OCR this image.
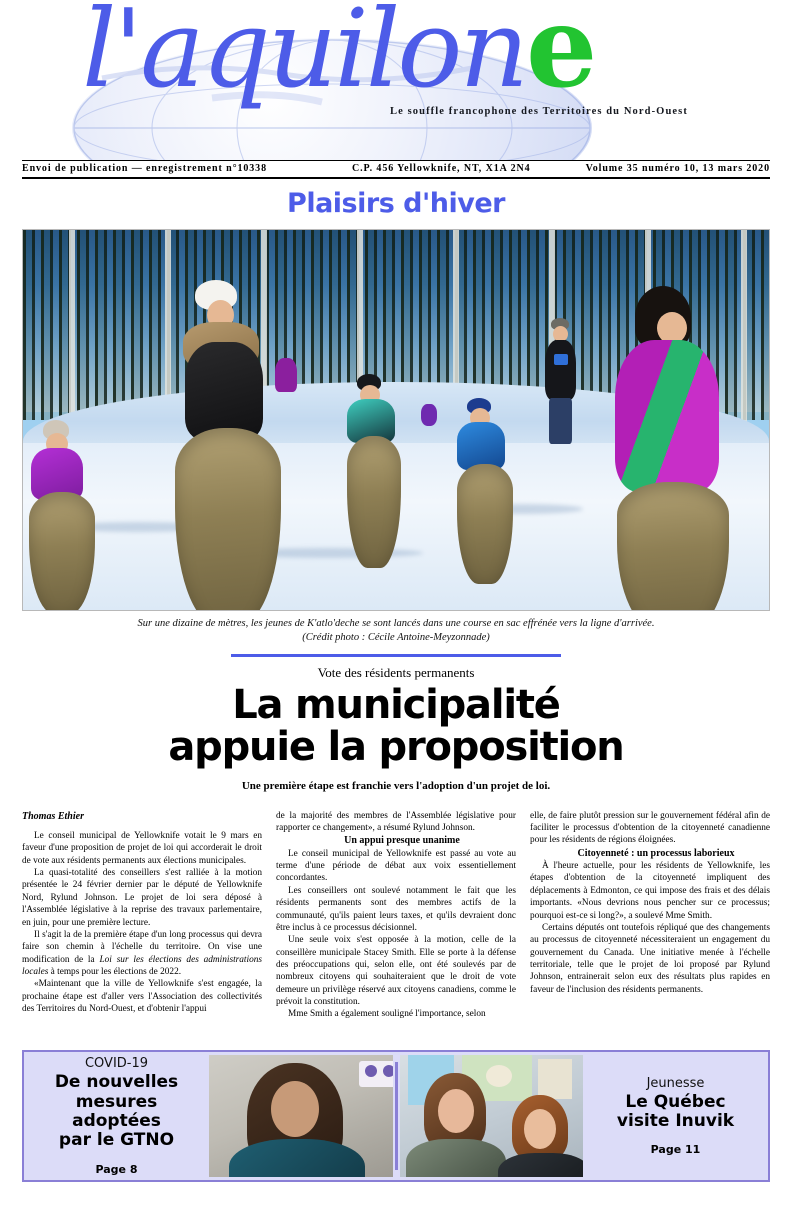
l'aquilone
Le souffle francophone des Territoires du Nord-Ouest
Envoi de publication — enregistrement n°10338	C.P. 456 Yellowknife, NT, X1A 2N4	Volume 35 numéro 10, 13 mars 2020
Plaisirs d'hiver
Sur une dizaine de mètres, les jeunes de K'atlo'deche se sont lancés dans une course en sac effrénée vers la ligne d'arrivée.
(Crédit photo : Cécile Antoine-Meyzonnade)
Vote des résidents permanents
La municipalité
appuie la proposition
Une première étape est franchie vers l'adoption d'un projet de loi.
Thomas Ethier

Le conseil municipal de Yellowknife votait le 9 mars en faveur d'une proposition de projet de loi qui accorderait le droit de vote aux résidents permanents aux élections municipales.

La quasi-totalité des conseillers s'est ralliée à la motion présentée le 24 février dernier par le député de Yellowknife Nord, Rylund Johnson. Le projet de loi sera déposé à l'Assemblée législative à la reprise des travaux parlementaire, en juin, pour une première lecture.

Il s'agit la de la première étape d'un long processus qui devra faire son chemin à l'échelle du territoire. On vise une modification de la Loi sur les élections des administrations locales à temps pour les élections de 2022.

«Maintenant que la ville de Yellowknife s'est engagée, la prochaine étape est d'aller vers l'Association des collectivités des Territoires du Nord-Ouest, et d'obtenir l'appui

de la majorité des membres de l'Assemblée législative pour rapporter ce changement», a résumé Rylund Johnson.

Un appui presque unanime

Le conseil municipal de Yellowknife est passé au vote au terme d'une période de débat aux voix essentiellement concordantes.

Les conseillers ont soulevé notamment le fait que les résidents permanents sont des membres actifs de la communauté, qu'ils paient leurs taxes, et qu'ils devraient donc être inclus à ce processus décisionnel.

Une seule voix s'est opposée à la motion, celle de la conseillère municipale Stacey Smith. Elle se porte à la défense des préoccupations qui, selon elle, ont été soulevés par de nombreux citoyens qui souhaiteraient que le droit de vote demeure un privilège réservé aux citoyens canadiens, comme le prévoit la constitution.

Mme Smith a également souligné l'importance, selon

elle, de faire plutôt pression sur le gouvernement fédéral afin de faciliter le processus d'obtention de la citoyenneté canadienne pour les résidents de régions éloignées.

Citoyenneté : un processus laborieux

À l'heure actuelle, pour les résidents de Yellowknife, les étapes d'obtention de la citoyenneté impliquent des déplacements à Edmonton, ce qui impose des frais et des délais importants. «Nous devrions nous pencher sur ce processus; pourquoi est-ce si long?», a soulevé Mme Smith.

Certains députés ont toutefois répliqué que des changements au processus de citoyenneté nécessiteraient un engagement du gouvernement du Canada. Une initiative menée à l'échelle territoriale, telle que le projet de loi proposé par Rylund Johnson, entrainerait selon eux des résultats plus rapides en faveur de l'inclusion des résidents permanents.

COVID-19
De nouvelles
mesures adoptées
par le GTNO
Page 8
Jeunesse
Le Québec
visite Inuvik
Page 11
